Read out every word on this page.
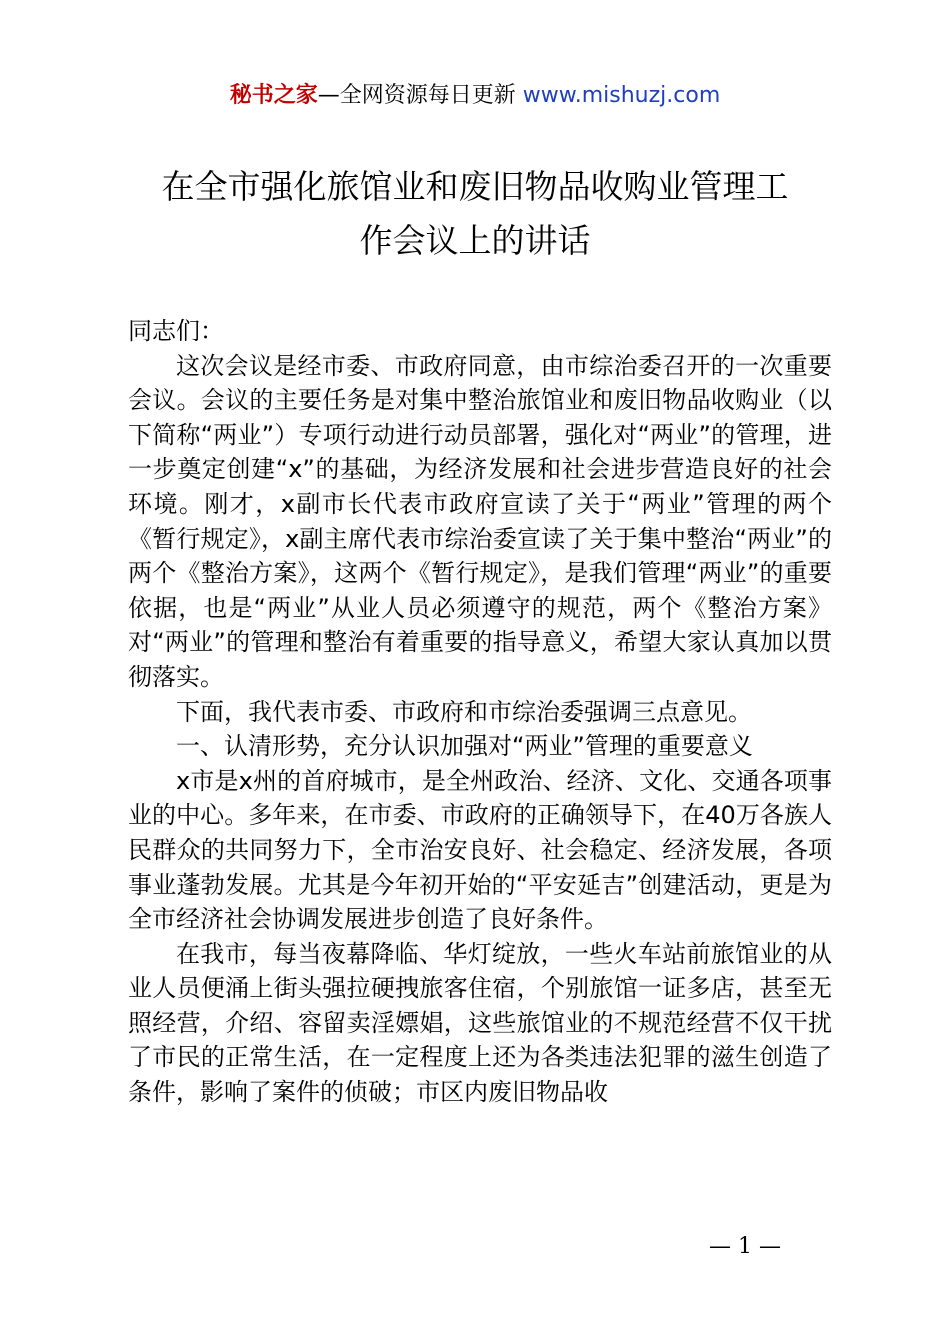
秘书之家—全网资源每日更新 www.mishuzj.com
在全市强化旅馆业和废旧物品收购业管理工
作会议上的讲话

同志们：

这次会议是经市委、市政府同意，由市综治委召开的一次重要会议。会议的主要任务是对集中整治旅馆业和废旧物品收购业（以下简称“两业”）专项行动进行动员部署，强化对“两业”的管理，进一步奠定创建“x”的基础，为经济发展和社会进步营造良好的社会环境。刚才，x副市长代表市政府宣读了关于“两业”管理的两个《暂行规定》，x副主席代表市综治委宣读了关于集中整治“两业”的两个《整治方案》，这两个《暂行规定》，是我们管理“两业”的重要依据，也是“两业”从业人员必须遵守的规范，两个《整治方案》对“两业”的管理和整治有着重要的指导意义，希望大家认真加以贯彻落实。

下面，我代表市委、市政府和市综治委强调三点意见。

一、认清形势，充分认识加强对“两业”管理的重要意义

x市是x州的首府城市，是全州政治、经济、文化、交通各项事业的中心。多年来，在市委、市政府的正确领导下，在40万各族人民群众的共同努力下，全市治安良好、社会稳定、经济发展，各项事业蓬勃发展。尤其是今年初开始的“平安延吉”创建活动，更是为全市经济社会协调发展进步创造了良好条件。

在我市，每当夜幕降临、华灯绽放，一些火车站前旅馆业的从业人员便涌上街头强拉硬拽旅客住宿，个别旅馆一证多店，甚至无照经营，介绍、容留卖淫嫖娼，这些旅馆业的不规范经营不仅干扰了市民的正常生活，在一定程度上还为各类违法犯罪的滋生创造了条件，影响了案件的侦破；市区内废旧物品收

— 1 —
